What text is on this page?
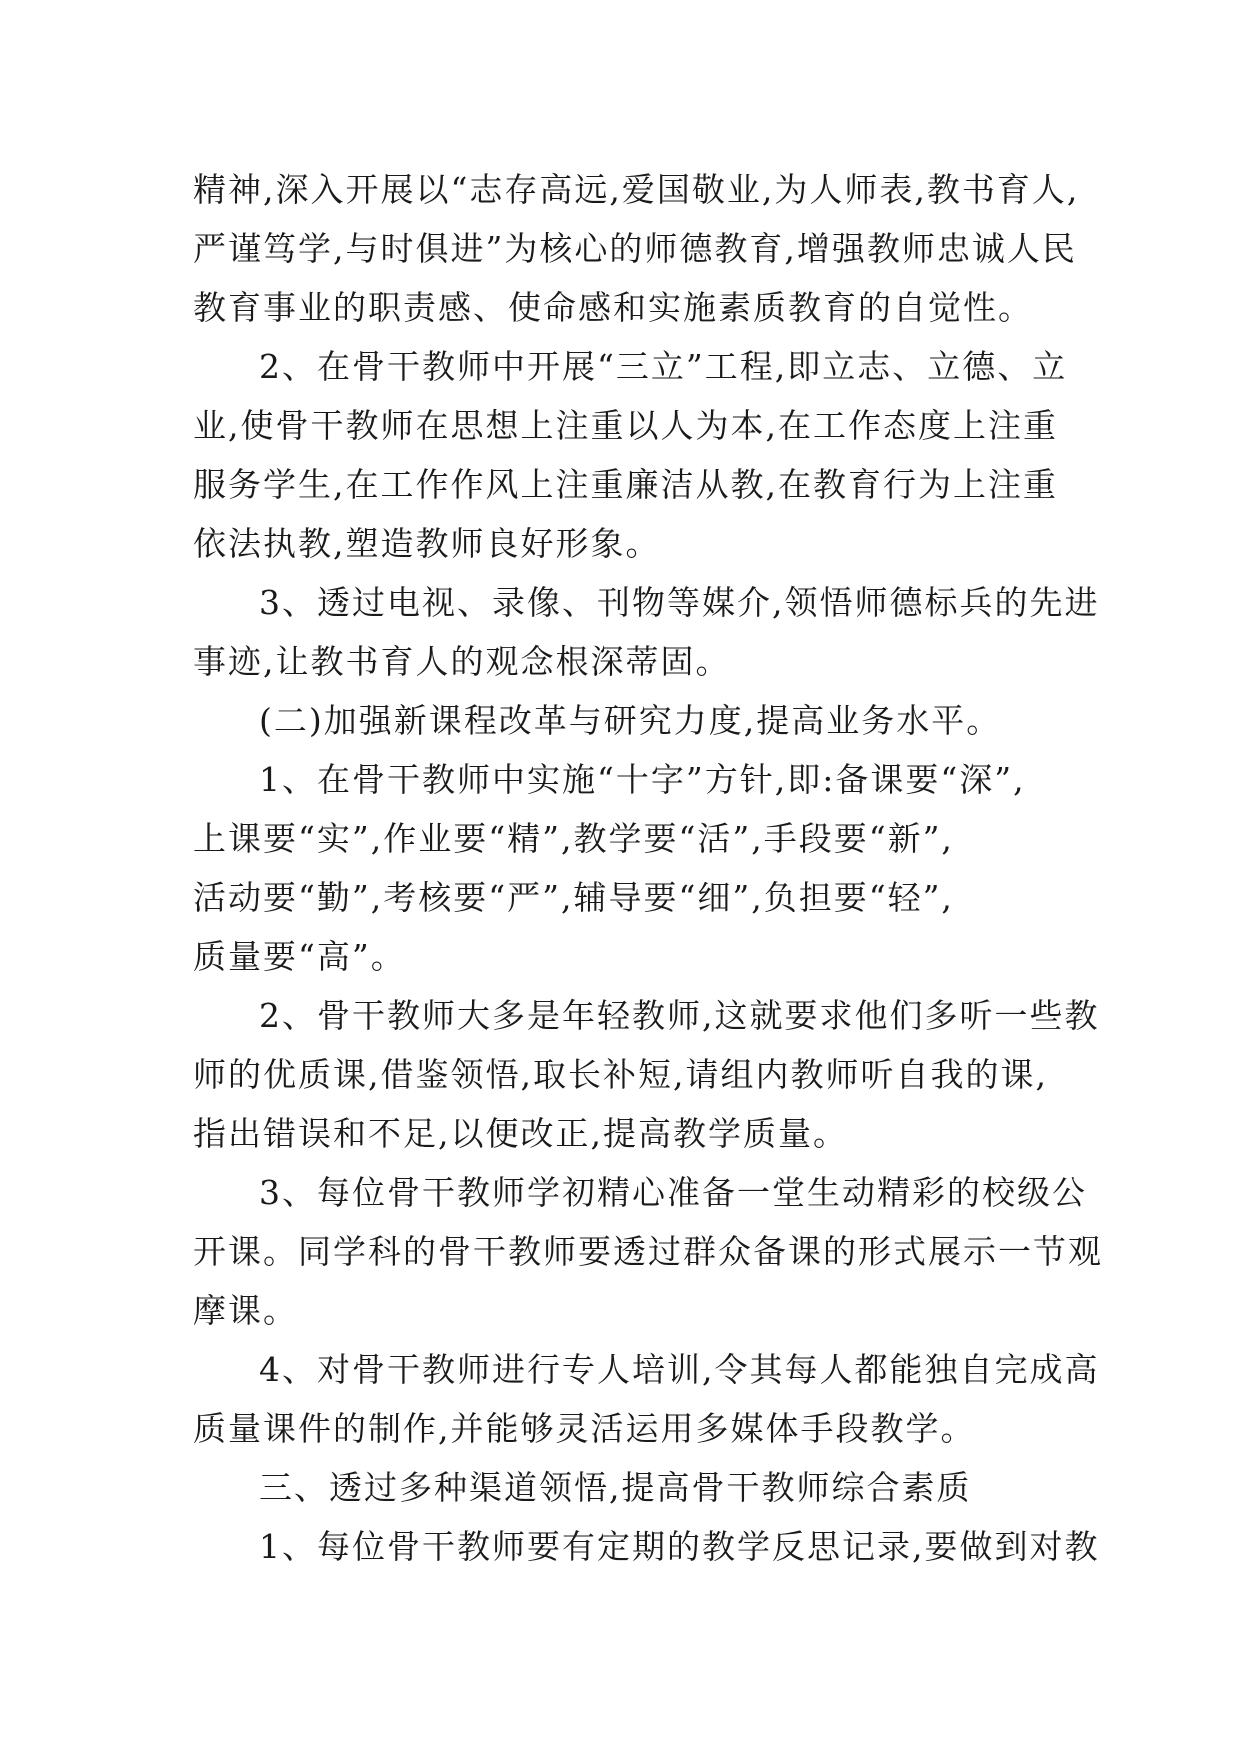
精神,深入开展以“志存高远,爱国敬业,为人师表,教书育人,
严谨笃学,与时俱进”为核心的师德教育,增强教师忠诚人民
教育事业的职责感、使命感和实施素质教育的自觉性。
2、在骨干教师中开展“三立”工程,即立志、立德、立
业,使骨干教师在思想上注重以人为本,在工作态度上注重
服务学生,在工作作风上注重廉洁从教,在教育行为上注重
依法执教,塑造教师良好形象。
3、透过电视、录像、刊物等媒介,领悟师德标兵的先进
事迹,让教书育人的观念根深蒂固。
(二)加强新课程改革与研究力度,提高业务水平。
1、在骨干教师中实施“十字”方针,即:备课要“深”,
上课要“实”,作业要“精”,教学要“活”,手段要“新”,
活动要“勤”,考核要“严”,辅导要“细”,负担要“轻”,
质量要“高”。
2、骨干教师大多是年轻教师,这就要求他们多听一些教
师的优质课,借鉴领悟,取长补短,请组内教师听自我的课,
指出错误和不足,以便改正,提高教学质量。
3、每位骨干教师学初精心准备一堂生动精彩的校级公
开课。同学科的骨干教师要透过群众备课的形式展示一节观
摩课。
4、对骨干教师进行专人培训,令其每人都能独自完成高
质量课件的制作,并能够灵活运用多媒体手段教学。
三、透过多种渠道领悟,提高骨干教师综合素质
1、每位骨干教师要有定期的教学反思记录,要做到对教
